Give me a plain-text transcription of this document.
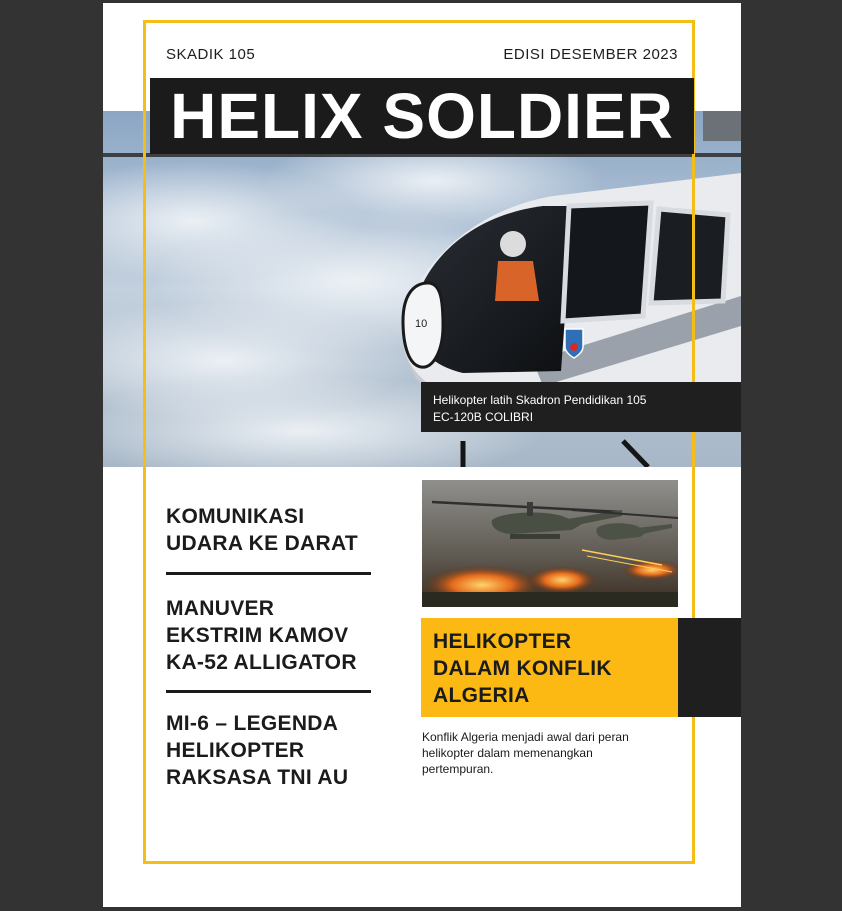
10
SKADIK 105	EDISI DESEMBER 2023
HELIX SOLDIER
Helikopter latih Skadron Pendidikan 105
EC-120B COLIBRI
KOMUNIKASI
UDARA KE DARAT
MANUVER
EKSTRIM KAMOV
KA-52 ALLIGATOR
MI-6 – LEGENDA
HELIKOPTER
RAKSASA TNI AU
HELIKOPTER
DALAM KONFLIK
ALGERIA
Konflik Algeria menjadi awal dari peran
helikopter dalam memenangkan
pertempuran.
